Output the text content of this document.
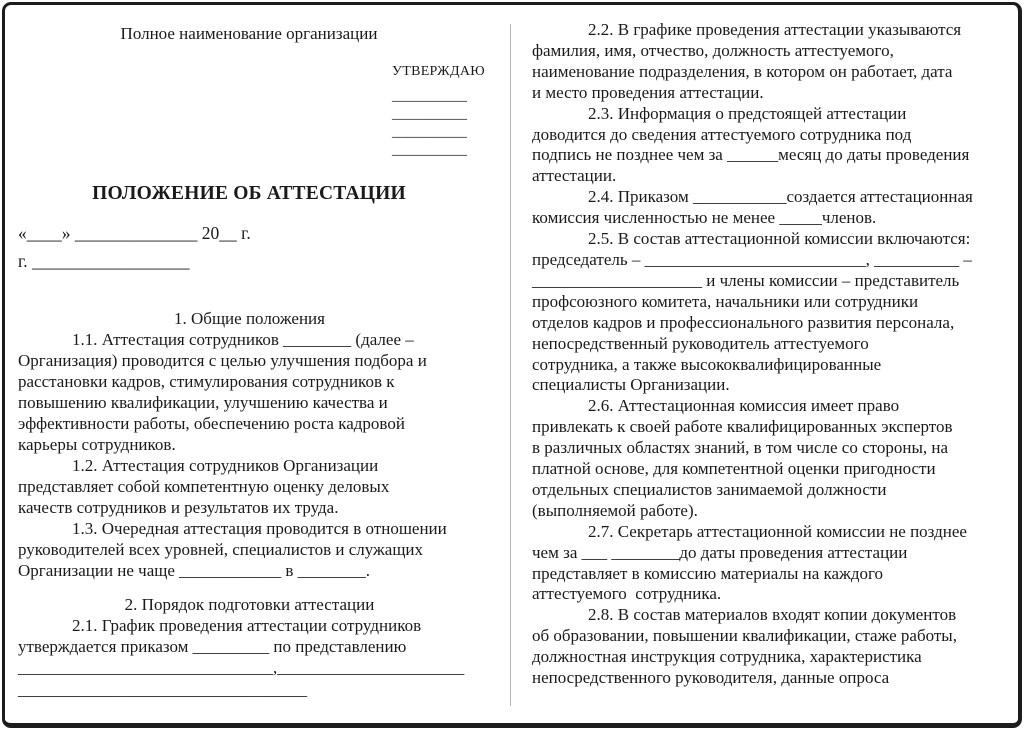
Полное наименование организации
УТВЕРЖДАЮ
__________
__________
__________
__________
ПОЛОЖЕНИЕ ОБ АТТЕСТАЦИИ
«____» ______________ 20__ г.
г. __________________
1. Общие положения
1.1. Аттестация сотрудников ________ (далее –
Организация) проводится с целью улучшения подбора и
расстановки кадров, стимулирования сотрудников к
повышению квалификации, улучшению качества и
эффективности работы, обеспечению роста кадровой
карьеры сотрудников.
1.2. Аттестация сотрудников Организации
представляет собой компетентную оценку деловых
качеств сотрудников и результатов их труда.
1.3. Очередная аттестация проводится в отношении
руководителей всех уровней, специалистов и служащих
Организации не чаще ____________ в ________.
2. Порядок подготовки аттестации
2.1. График проведения аттестации сотрудников
утверждается приказом _________ по представлению
______________________________,______________________
__________________________________
2.2. В графике проведения аттестации указываются
фамилия, имя, отчество, должность аттестуемого,
наименование подразделения, в котором он работает, дата
и место проведения аттестации.
2.3. Информация о предстоящей аттестации
доводится до сведения аттестуемого сотрудника под
подпись не позднее чем за ______месяц до даты проведения
аттестации.
2.4. Приказом ___________создается аттестационная
комиссия численностью не менее _____членов.
2.5. В состав аттестационной комиссии включаются:
председатель – __________________________, __________ –
____________________ и члены комиссии – представитель
профсоюзного комитета, начальники или сотрудники
отделов кадров и профессионального развития персонала,
непосредственный руководитель аттестуемого
сотрудника, а также высококвалифицированные
специалисты Организации.
2.6. Аттестационная комиссия имеет право
привлекать к своей работе квалифицированных экспертов
в различных областях знаний, в том числе со стороны, на
платной основе, для компетентной оценки пригодности
отдельных специалистов занимаемой должности
(выполняемой работе).
2.7. Секретарь аттестационной комиссии не позднее
чем за ___ ________до даты проведения аттестации
представляет в комиссию материалы на каждого
аттестуемого  сотрудника.
2.8. В состав материалов входят копии документов
об образовании, повышении квалификации, стаже работы,
должностная инструкция сотрудника, характеристика
непосредственного руководителя, данные опроса
